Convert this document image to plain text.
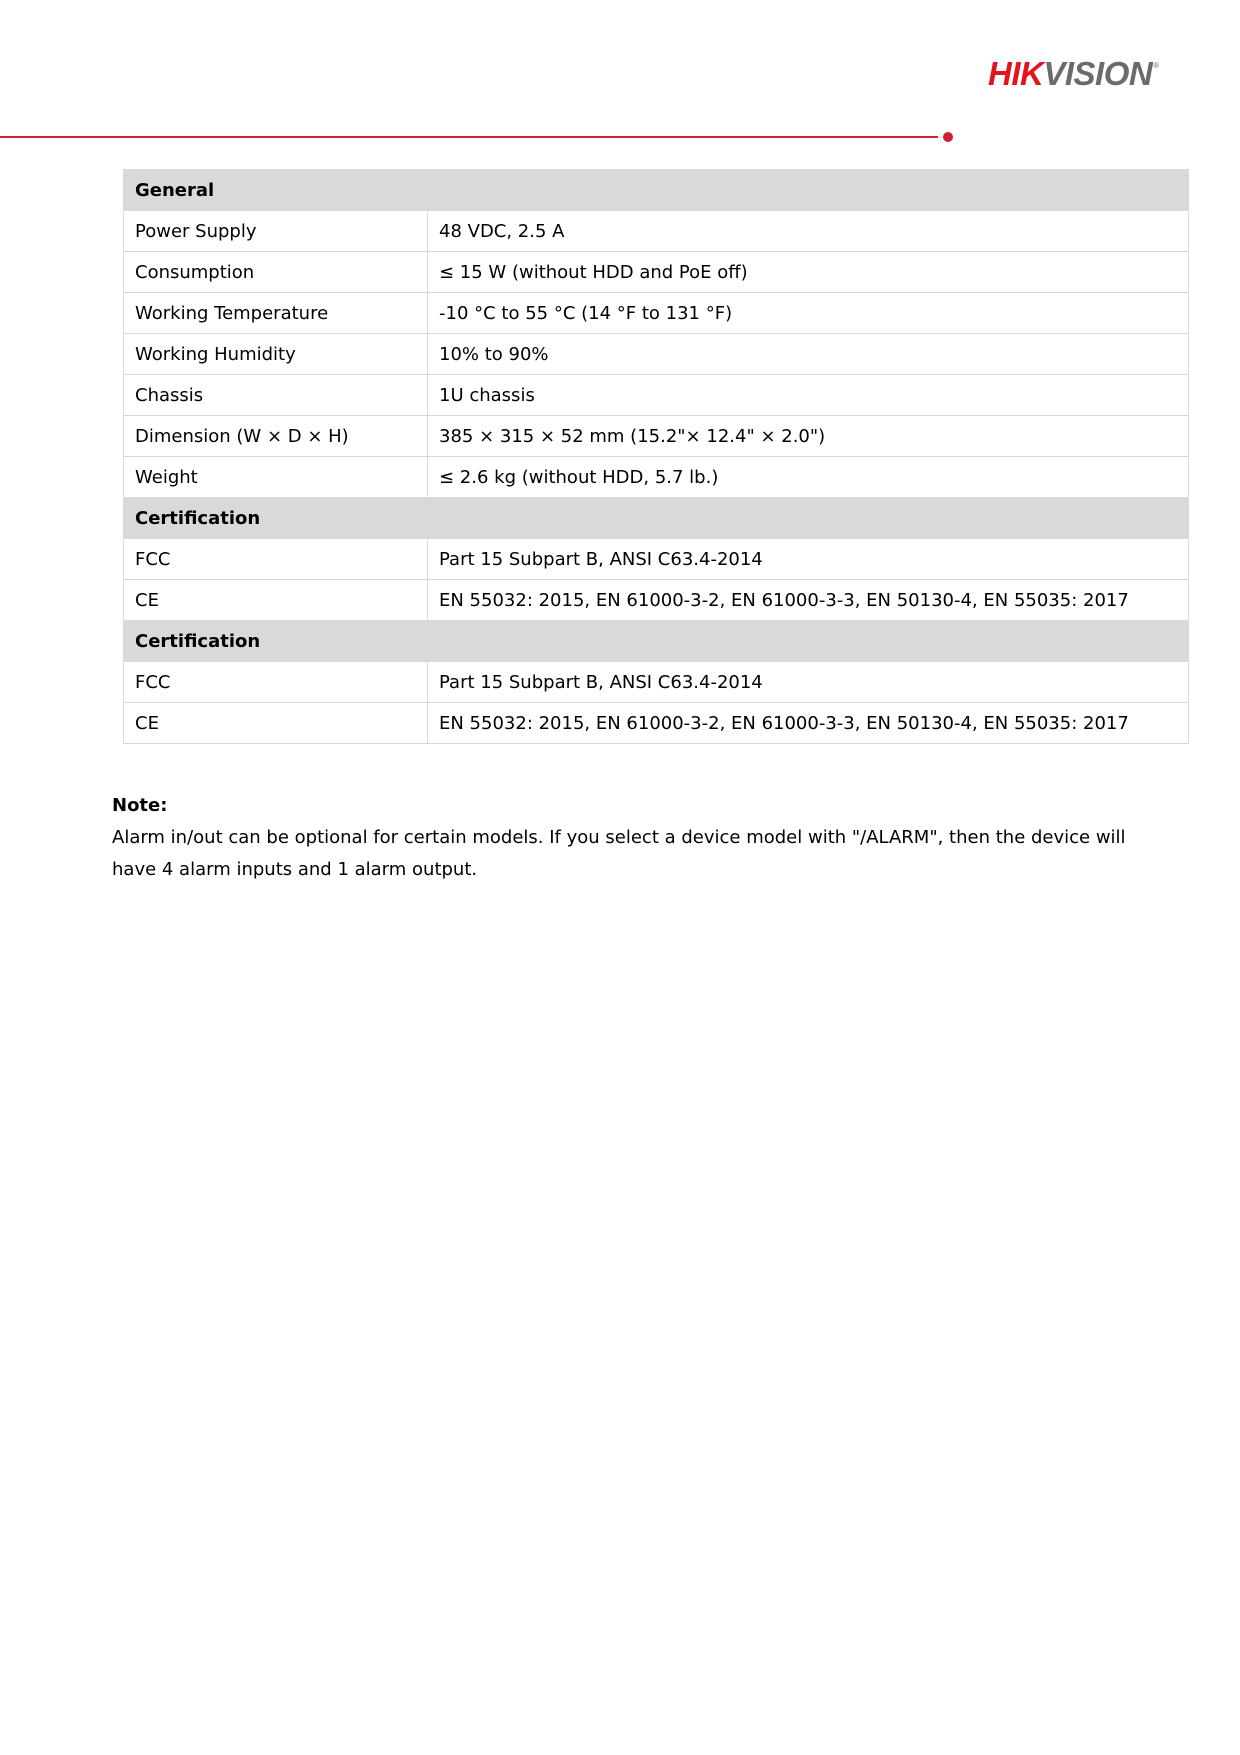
HIK VISION ®
General	
Power Supply	48 VDC, 2.5 A
Consumption	≤ 15 W (without HDD and PoE off)
Working Temperature	-10 °C to 55 °C (14 °F to 131 °F)
Working Humidity	10% to 90%
Chassis	1U chassis
Dimension (W × D × H)	385 × 315 × 52 mm (15.2"× 12.4" × 2.0")
Weight	≤ 2.6 kg (without HDD, 5.7 lb.)
Certification	
FCC	Part 15 Subpart B, ANSI C63.4-2014
CE	EN 55032: 2015, EN 61000-3-2, EN 61000-3-3, EN 50130-4, EN 55035: 2017
Certification	
FCC	Part 15 Subpart B, ANSI C63.4-2014
CE	EN 55032: 2015, EN 61000-3-2, EN 61000-3-3, EN 50130-4, EN 55035: 2017
Note:
Alarm in/out can be optional for certain models. If you select a device model with "/ALARM", then the device will have 4 alarm inputs and 1 alarm output.
